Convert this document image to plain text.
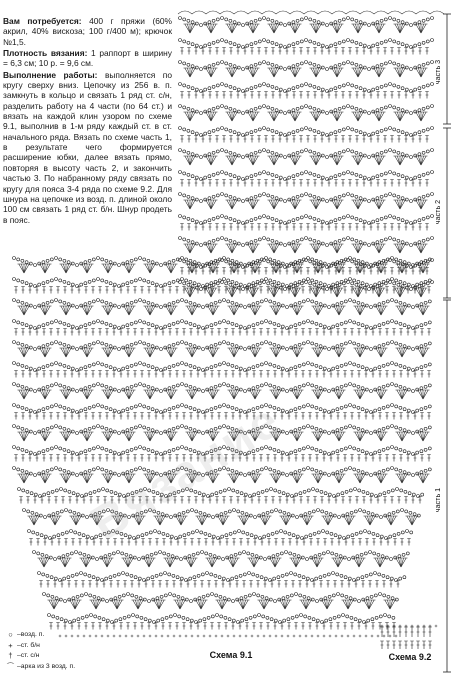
часть 3
часть 2
часть 1
Схема 9.1	Схема 9.2
Вязание

Вам потребуется: 400 г пряжи (60% акрил, 40% вискоза; 100 г/400 м); крючок №1,5.

Плотность вязания: 1 раппорт в ширину = 6,3 см; 10 р. = 9,6 см.

Выполнение работы: выполняется по кругу сверху вниз. Цепочку из 256 в. п. замкнуть в кольцо и связать 1 ряд ст. с/н, разделить работу на 4 части (по 64 ст.) и вязать на каждой клин узором по схеме 9.1, выполнив в 1-м ряду каждый ст. в ст. начального ряда. Вязать по схеме часть 1, в результате чего формируется расширение юбки, далее вязать прямо, повторяя в высоту часть 2, и закончить частью 3. По набранному ряду связать по кругу для пояса 3-4 ряда по схеме 9.2. Для шнура на цепочке из возд. п. длиной около 100 см связать 1 ряд ст. б/н. Шнур продеть в пояс.

○ – возд. п.
+ – ст. б/н
† – ст. с/н
⌒ – арка из 3 возд. п.
